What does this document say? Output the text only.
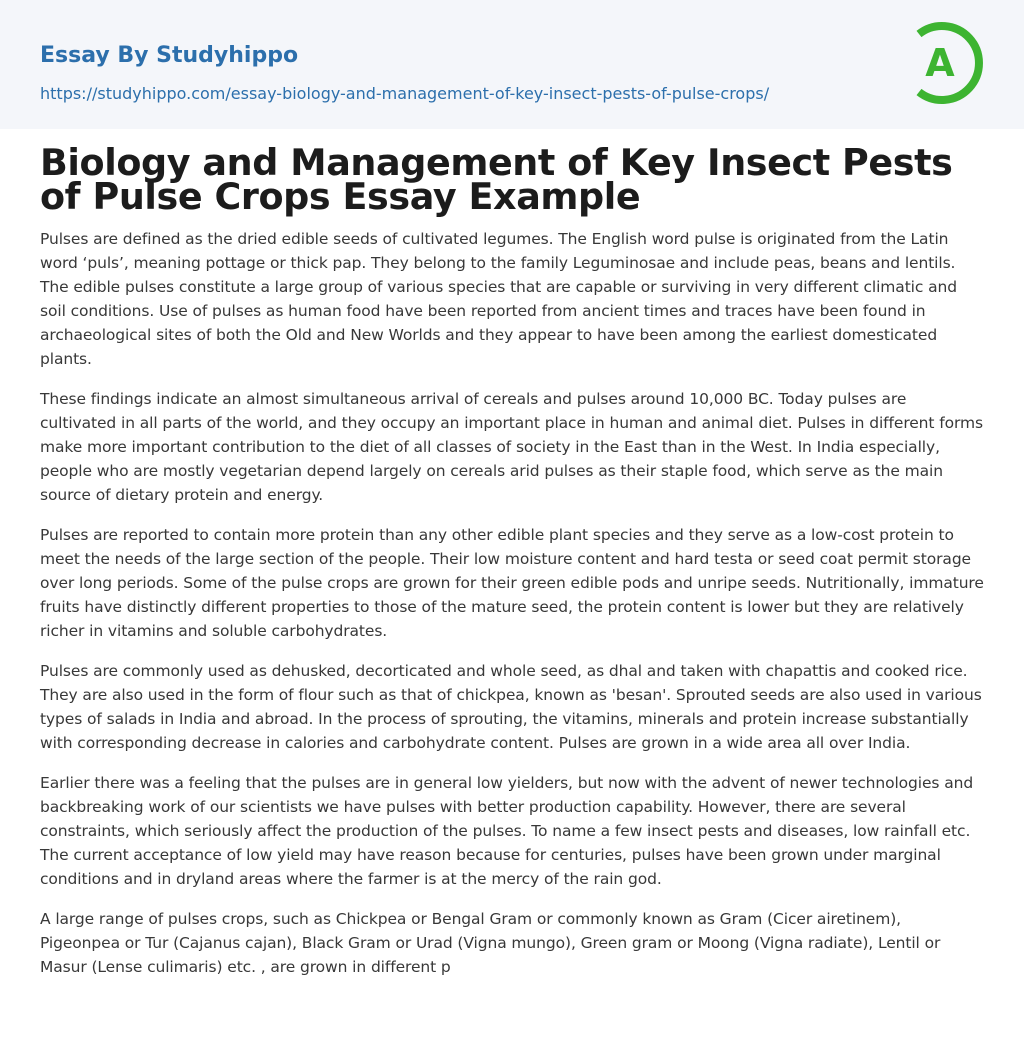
Essay By Studyhippo
https://studyhippo.com/essay-biology-and-management-of-key-insect-pests-of-pulse-crops/
A
Biology and Management of Key Insect Pests of Pulse Crops Essay Example

Pulses are defined as the dried edible seeds of cultivated legumes. The English word pulse is originated from the Latin word ‘puls’, meaning pottage or thick pap. They belong to the family Leguminosae and include peas, beans and lentils. The edible pulses constitute a large group of various species that are capable or surviving in very different climatic and soil conditions. Use of pulses as human food have been reported from ancient times and traces have been found in archaeological sites of both the Old and New Worlds and they appear to have been among the earliest domesticated plants.

These findings indicate an almost simultaneous arrival of cereals and pulses around 10,000 BC. Today pulses are cultivated in all parts of the world, and they occupy an important place in human and animal diet. Pulses in different forms make more important contribution to the diet of all classes of society in the East than in the West. In India especially, people who are mostly vegetarian depend largely on cereals arid pulses as their staple food, which serve as the main source of dietary protein and energy.

Pulses are reported to contain more protein than any other edible plant species and they serve as a low-cost protein to meet the needs of the large section of the people. Their low moisture content and hard testa or seed coat permit storage over long periods. Some of the pulse crops are grown for their green edible pods and unripe seeds. Nutritionally, immature fruits have distinctly different properties to those of the mature seed, the protein content is lower but they are relatively richer in vitamins and soluble carbohydrates.

Pulses are commonly used as dehusked, decorticated and whole seed, as dhal and taken with chapattis and cooked rice. They are also used in the form of flour such as that of chickpea, known as 'besan'. Sprouted seeds are also used in various types of salads in India and abroad. In the process of sprouting, the vitamins, minerals and protein increase substantially with corresponding decrease in calories and carbohydrate content. Pulses are grown in a wide area all over India.

Earlier there was a feeling that the pulses are in general low yielders, but now with the advent of newer technologies and backbreaking work of our scientists we have pulses with better production capability. However, there are several constraints, which seriously affect the production of the pulses. To name a few insect pests and diseases, low rainfall etc. The current acceptance of low yield may have reason because for centuries, pulses have been grown under marginal conditions and in dryland areas where the farmer is at the mercy of the rain god.

A large range of pulses crops, such as Chickpea or Bengal Gram or commonly known as Gram (Cicer airetinem), Pigeonpea or Tur (Cajanus cajan), Black Gram or Urad (Vigna mungo), Green gram or Moong (Vigna radiate), Lentil or Masur (Lense culimaris) etc. , are grown in different p
